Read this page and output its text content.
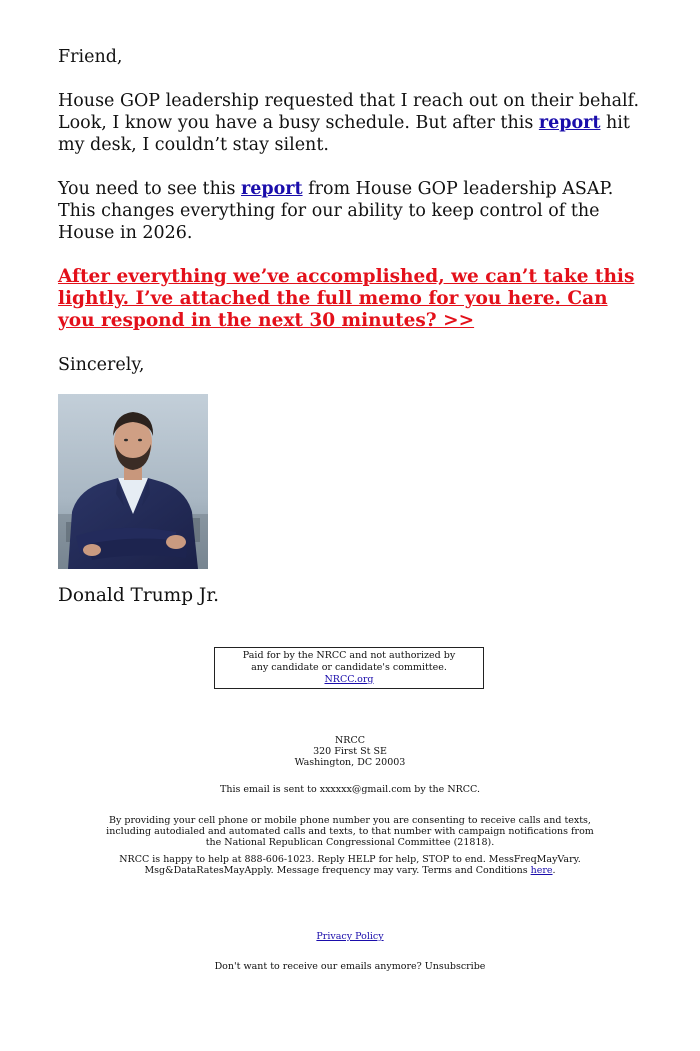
Friend,

House GOP leadership requested that I reach out on their behalf. Look, I know you have a busy schedule. But after this report hit my desk, I couldn’t stay silent.

You need to see this report from House GOP leadership ASAP. This changes everything for our ability to keep control of the House in 2026.

After everything we’ve accomplished, we can’t take this lightly. I’ve attached the full memo for you here. Can you respond in the next 30 minutes? >>

Sincerely,

Donald Trump Jr.

Paid for by the NRCC and not authorized by any candidate or candidate's committee. NRCC.org

NRCC

320 First St SE

Washington, DC 20003

This email is sent to xxxxxx@gmail.com by the NRCC.
By providing your cell phone or mobile phone number you are consenting to receive calls and texts, including autodialed and automated calls and texts, to that number with campaign notifications from the National Republican Congressional Committee (21818).
NRCC is happy to help at 888-606-1023. Reply HELP for help, STOP to end. MessFreqMayVary. Msg&DataRatesMayApply. Message frequency may vary. Terms and Conditions here.
Privacy Policy
Don't want to receive our emails anymore? Unsubscribe
